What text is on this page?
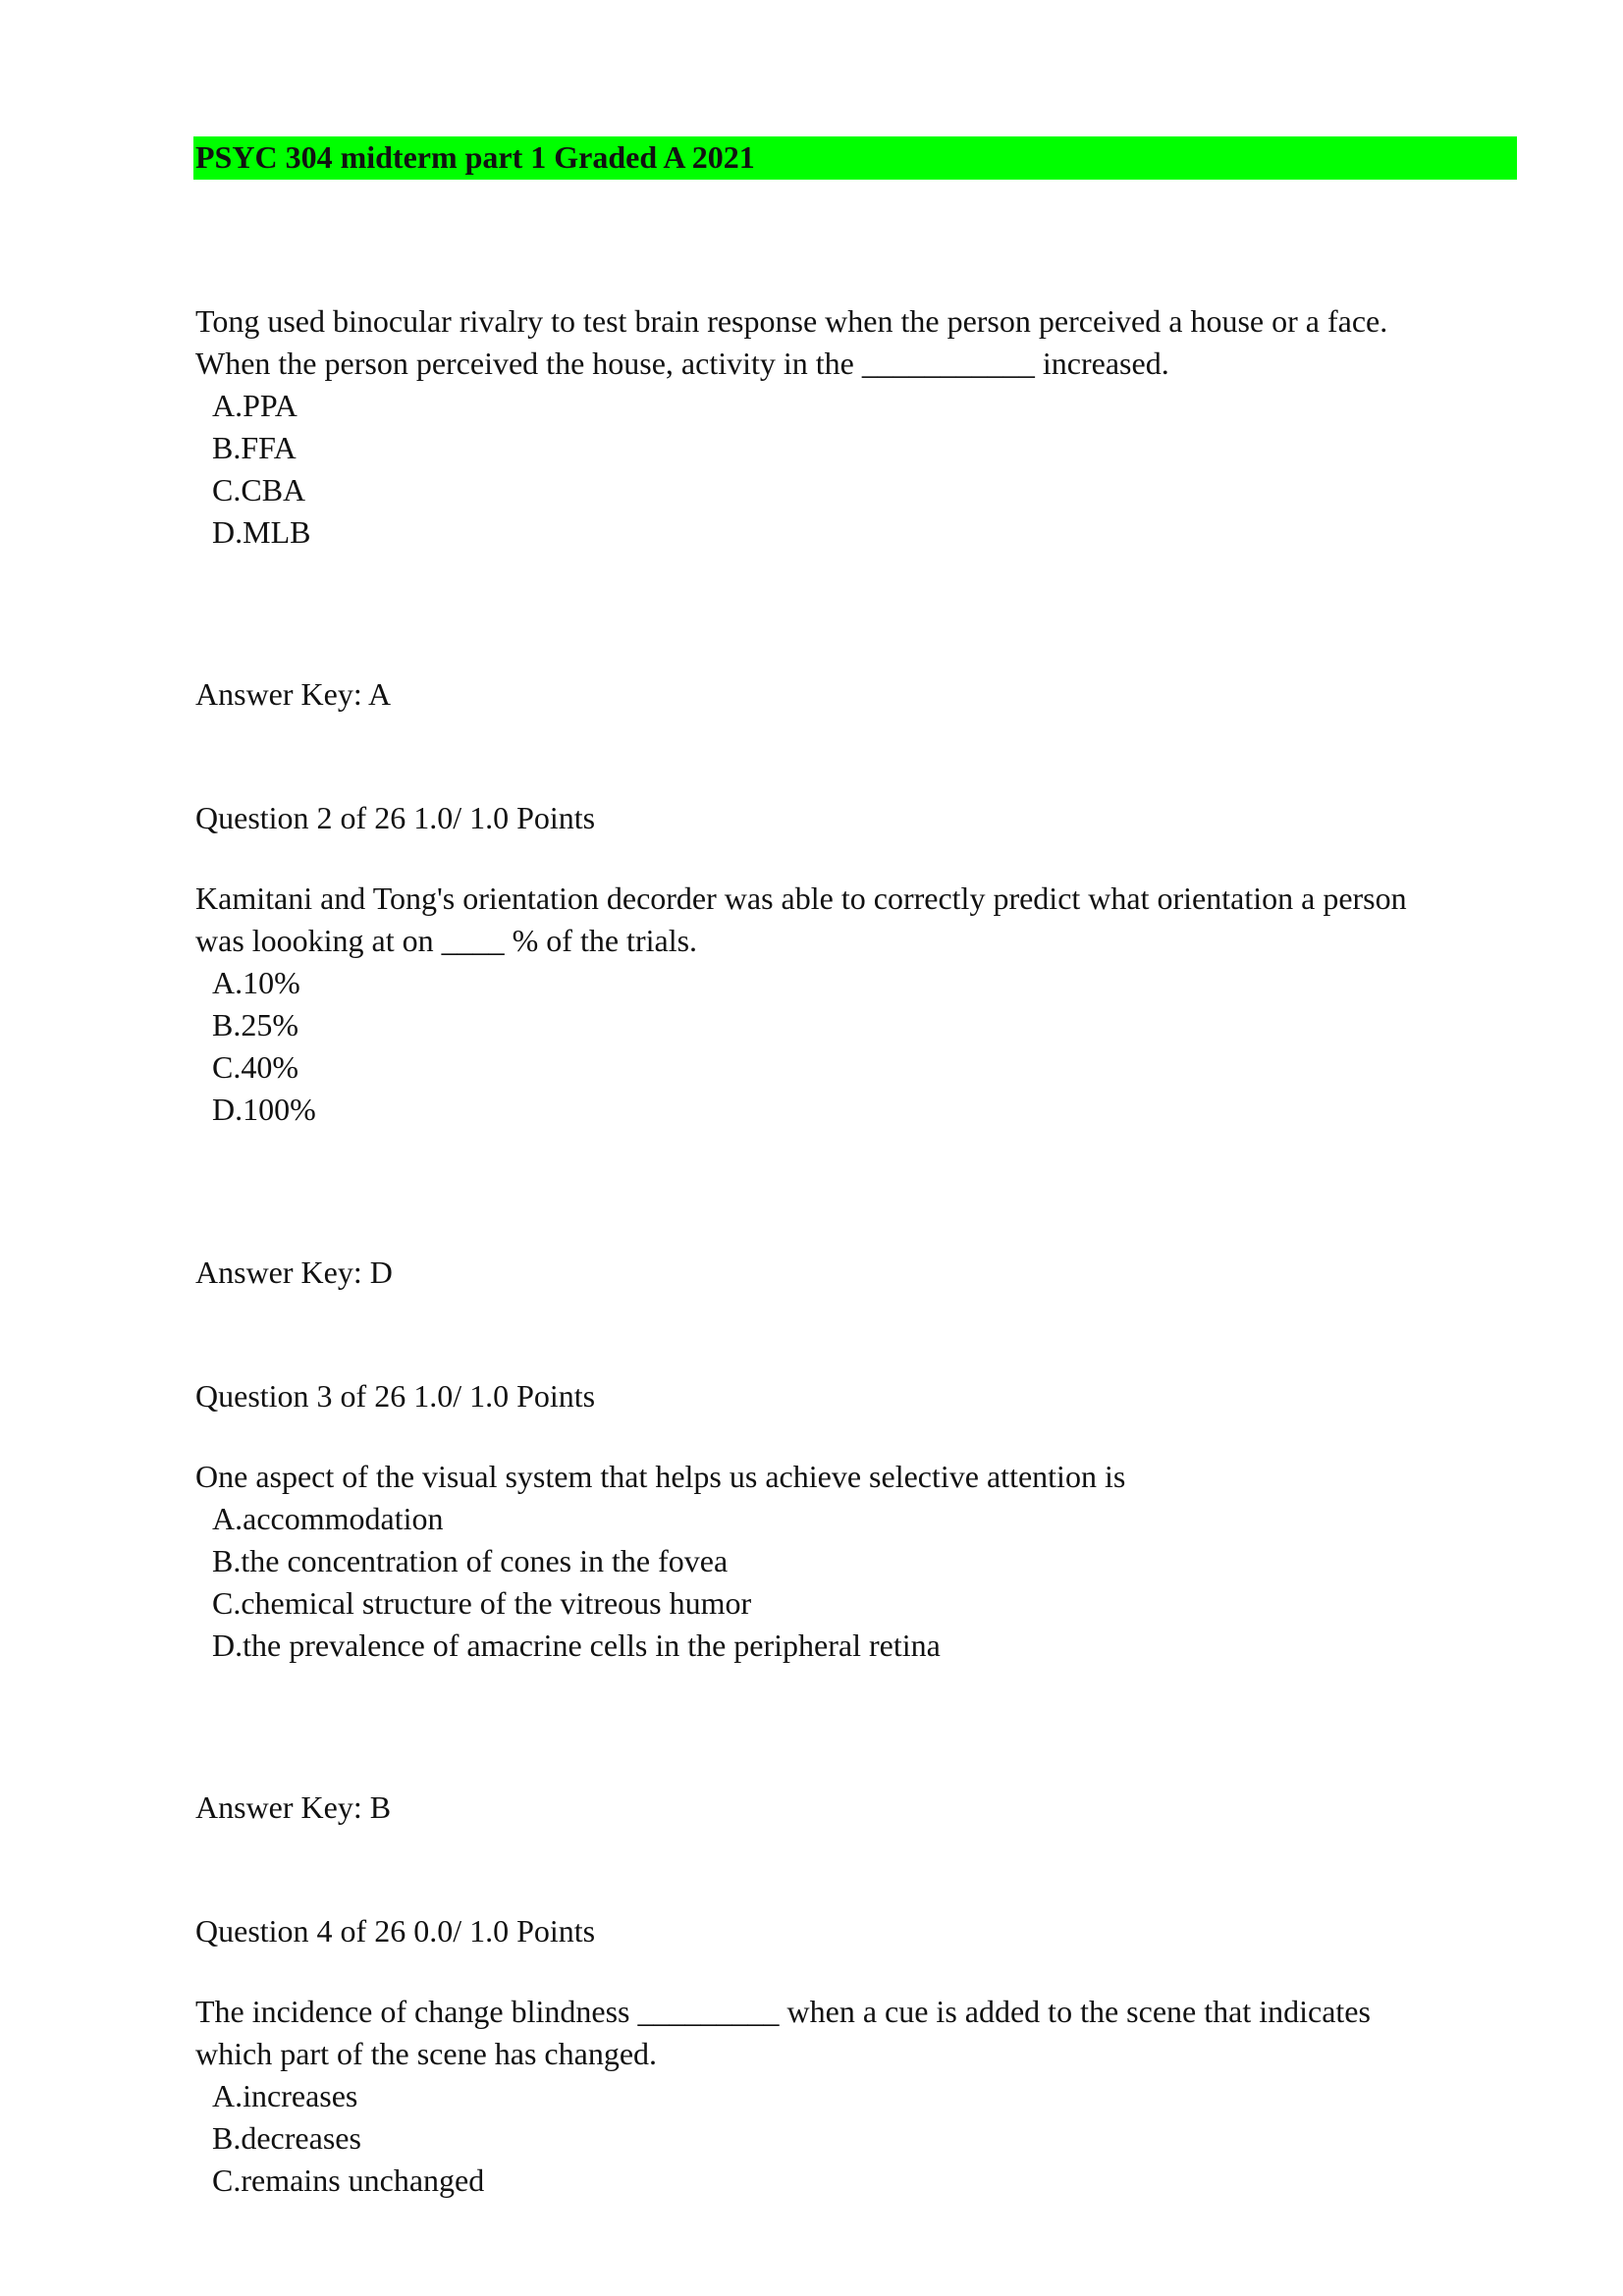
PSYC 304 midterm part 1 Graded A 2021
Tong used binocular rivalry to test brain response when the person perceived a house or a face.
When the person perceived the house, activity in the ___________ increased.
A.PPA
B.FFA
C.CBA
D.MLB
Answer Key: A
Question 2 of 26 1.0/ 1.0 Points
Kamitani and Tong's orientation decorder was able to correctly predict what orientation a person
was loooking at on ____ % of the trials.
A.10%
B.25%
C.40%
D.100%
Answer Key: D
Question 3 of 26 1.0/ 1.0 Points
One aspect of the visual system that helps us achieve selective attention is
A.accommodation
B.the concentration of cones in the fovea
C.chemical structure of the vitreous humor
D.the prevalence of amacrine cells in the peripheral retina
Answer Key: B
Question 4 of 26 0.0/ 1.0 Points
The incidence of change blindness _________ when a cue is added to the scene that indicates
which part of the scene has changed.
A.increases
B.decreases
C.remains unchanged
